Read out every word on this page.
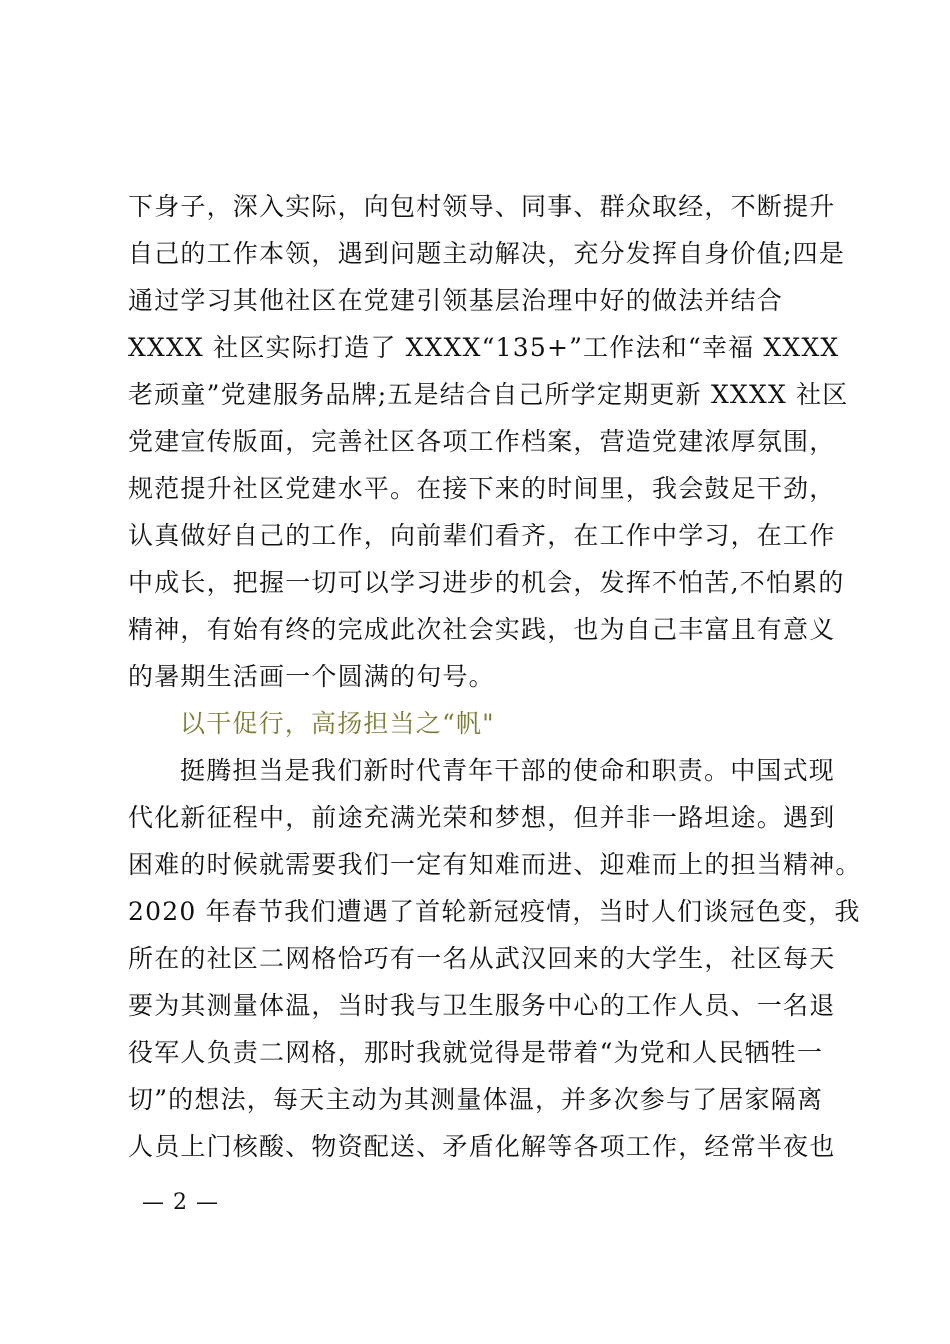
下身子，深入实际，向包村领导、同事、群众取经，不断提升
自己的工作本领，遇到问题主动解决，充分发挥自身价值;四是
通过学习其他社区在党建引领基层治理中好的做法并结合
XXXX 社区实际打造了 XXXX“135+”工作法和“幸福 XXXX
老顽童”党建服务品牌;五是结合自己所学定期更新 XXXX 社区
党建宣传版面，完善社区各项工作档案，营造党建浓厚氛围，
规范提升社区党建水平。在接下来的时间里，我会鼓足干劲，
认真做好自己的工作，向前辈们看齐，在工作中学习，在工作
中成长，把握一切可以学习进步的机会，发挥不怕苦,不怕累的
精神，有始有终的完成此次社会实践，也为自己丰富且有意义
的暑期生活画一个圆满的句号。
以干促行，高扬担当之“帆"
挺腾担当是我们新时代青年干部的使命和职责。中国式现
代化新征程中，前途充满光荣和梦想，但并非一路坦途。遇到
困难的时候就需要我们一定有知难而进、迎难而上的担当精神。
2020 年春节我们遭遇了首轮新冠疫情，当时人们谈冠色变，我
所在的社区二网格恰巧有一名从武汉回来的大学生，社区每天
要为其测量体温，当时我与卫生服务中心的工作人员、一名退
役军人负责二网格，那时我就觉得是带着“为党和人民牺牲一
切”的想法，每天主动为其测量体温，并多次参与了居家隔离
人员上门核酸、物资配送、矛盾化解等各项工作，经常半夜也
— 2 —
